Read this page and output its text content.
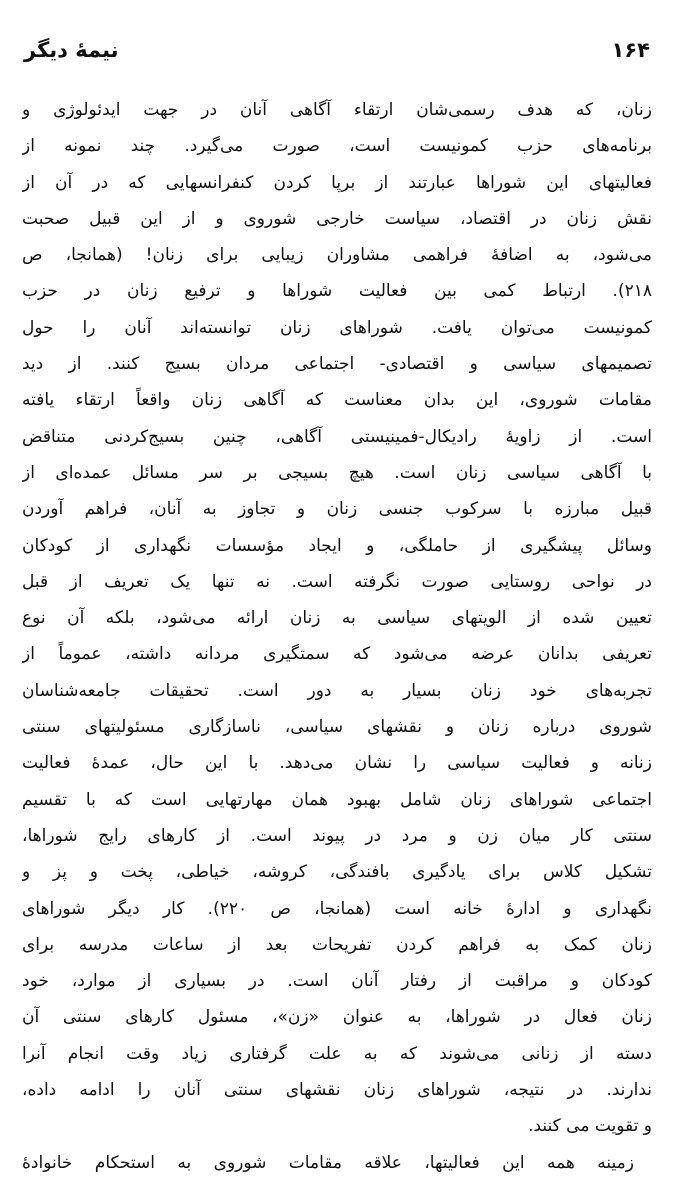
۱۶۴
نیمهٔ دیگر
زنان، که هدف رسمی‌شان ارتقاء آگاهی آنان در جهت ایدئولوژی و
برنامه‌های حزب کمونیست است، صورت می‌گیرد. چند نمونه از
فعالیتهای این شوراها عبارتند از برپا کردن کنفرانسهایی که در آن از
نقش زنان در اقتصاد، سیاست خارجی شوروی و از این قبیل صحبت
می‌شود، به اضافهٔ فراهمی مشاوران زیبایی برای زنان! (همانجا، ص
۲۱۸). ارتباط کمی بین فعالیت شوراها و ترفیع زنان در حزب
کمونیست می‌توان یافت. شوراهای زنان توانسته‌اند آنان را حول
تصمیمهای سیاسی و اقتصادی- اجتماعی مردان بسیج کنند. از دید
مقامات شوروی، این بدان معناست که آگاهی زنان واقعاً ارتقاء یافته
است. از زاویهٔ رادیکال-فمینیستی آگاهی، چنین بسیج‌کردنی متناقض
با آگاهی سیاسی زنان است. هیچ بسیجی بر سر مسائل عمده‌ای از
قبیل مبارزه با سرکوب جنسی زنان و تجاوز به آنان، فراهم آوردن
وسائل پیشگیری از حاملگی، و ایجاد مؤسسات نگهداری از کودکان
در نواحی روستایی صورت نگرفته است. نه تنها یک تعریف از قبل
تعیین شده از الویتهای سیاسی به زنان ارائه می‌شود، بلکه آن نوع
تعریفی بدانان عرضه می‌شود که سمتگیری مردانه داشته، عموماً از
تجربه‌های خود زنان بسیار به دور است. تحقیقات جامعه‌شناسان
شوروی درباره زنان و نقشهای سیاسی، ناسازگاری مسئولیتهای سنتی
زنانه و فعالیت سیاسی را نشان می‌دهد. با این حال، عمدهٔ فعالیت
اجتماعی شوراهای زنان شامل بهبود همان مهارتهایی است که با تقسیم
سنتی کار میان زن و مرد در پیوند است. از کارهای رایج شوراها،
تشکیل کلاس برای یادگیری بافندگی، کروشه، خیاطی، پخت و پز و
نگهداری و ادارهٔ خانه است (همانجا، ص ۲۲۰). کار دیگر شوراهای
زنان کمک به فراهم کردن تفریحات بعد از ساعات مدرسه برای
کودکان و مراقبت از رفتار آنان است. در بسیاری از موارد، خود
زنان فعال در شوراها، به عنوان «زن»، مسئول کارهای سنتی آن
دسته از زنانی می‌شوند که به علت گرفتاری زیاد وقت انجام آنرا
ندارند. در نتیجه، شوراهای زنان نقشهای سنتی آنان را ادامه داده،
و تقویت می کنند.
زمینه همه این فعالیتها، علاقه مقامات شوروی به استحکام خانوادهٔ
